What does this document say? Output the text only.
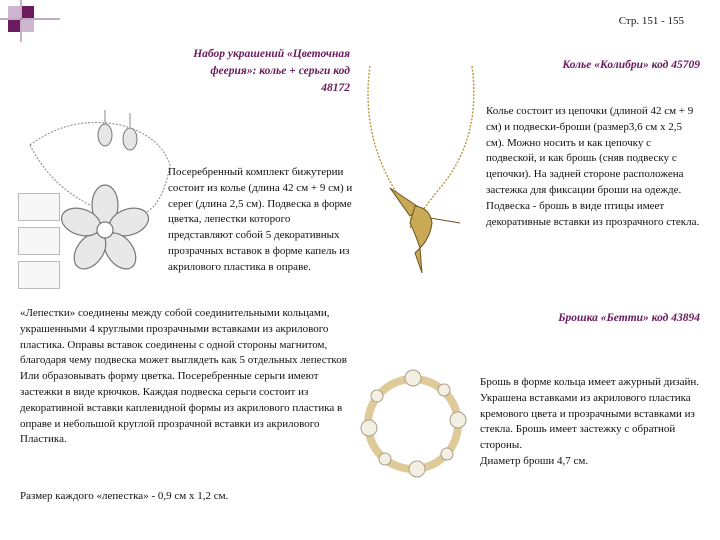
Стр. 151 - 155
Набор украшений «Цветочная феерия»: колье + серьги код 48172
Колье «Колибри» код 45709
Брошка «Бетти» код 43894
Посеребренный комплект бижутерии состоит из колье (длина 42 см + 9 см) и серег (длина 2,5 см). Подвеска в форме цветка, лепестки которого представляют собой 5 декоративных прозрачных вставок в форме капель из акрилового пластика в оправе.
«Лепестки» соединены между собой соединительными кольцами, украшенными 4 круглыми прозрачными вставками из акрилового пластика. Оправы вставок соединены с одной стороны магнитом, благодаря чему подвеска может выглядеть как 5 отдельных лепестков Или образовывать форму цветка. Посеребренные серьги имеют застежки в виде крючков. Каждая подвеска серьги состоит из декоративной вставки каплевидной формы из акрилового пластика в оправе и небольшой круглой прозрачной вставки из акрилового Пластика.
Размер каждого «лепестка» - 0,9 см х 1,2 см.
Колье состоит из цепочки (длиной 42 см + 9 см) и подвески-броши (размер3,6 см х 2,5 см). Можно носить и как цепочку с подвеской, и как брошь (сняв подвеску с цепочки). На задней стороне расположена застежка для фиксации броши на одежде. Подвеска - брошь в виде птицы имеет декоративные вставки из прозрачного стекла.
Брошь в форме кольца имеет ажурный дизайн. Украшена вставками из акрилового пластика кремового цвета и прозрачными вставками из стекла. Брошь имеет застежку с обратной стороны.
Диаметр броши 4,7 см.
